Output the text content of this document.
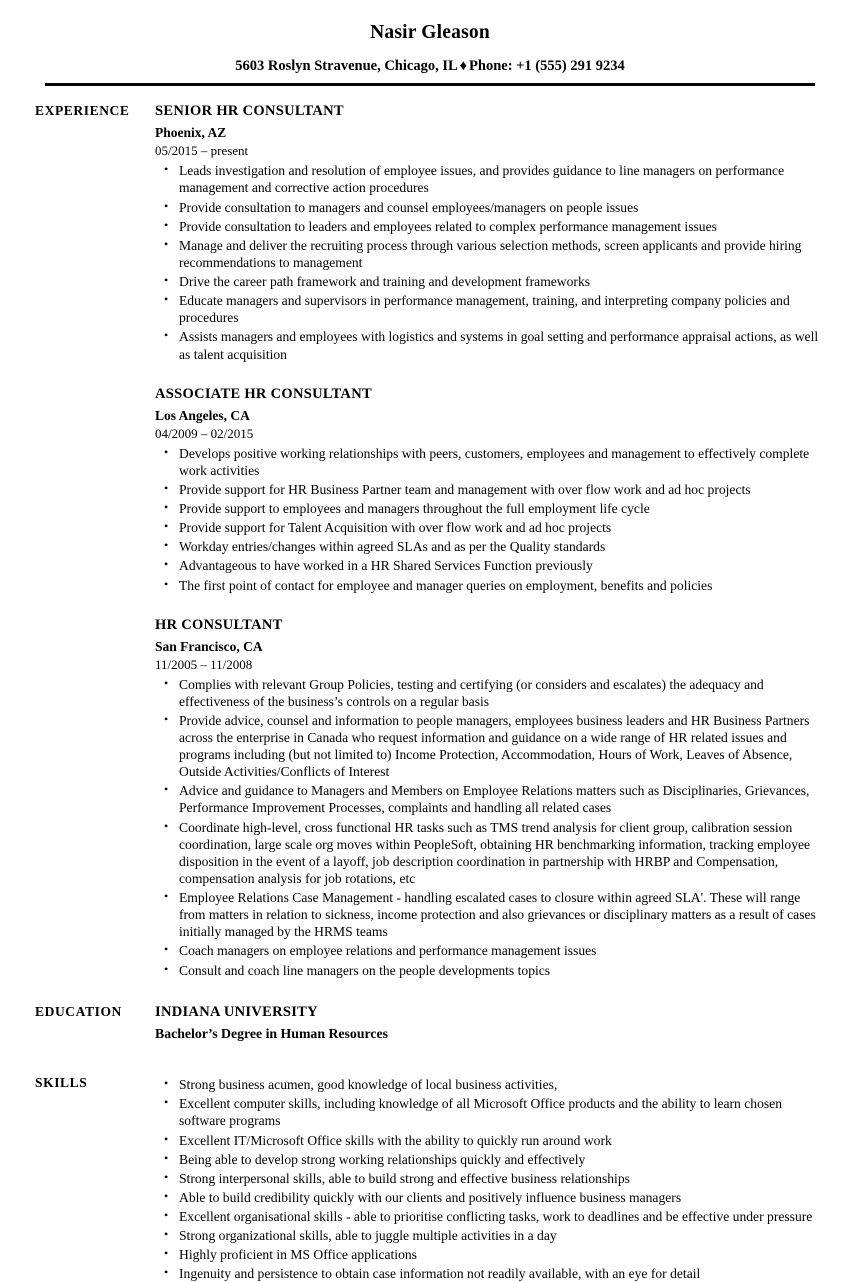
Nasir Gleason
5603 Roslyn Stravenue, Chicago, IL ♦ Phone: +1 (555) 291 9234
EXPERIENCE	SENIOR HR CONSULTANT
Phoenix, AZ
05/2015 – present
• Leads investigation and resolution of employee issues, and provides guidance to line managers on performance management and corrective action procedures
• Provide consultation to managers and counsel employees/managers on people issues
• Provide consultation to leaders and employees related to complex performance management issues
• Manage and deliver the recruiting process through various selection methods, screen applicants and provide hiring recommendations to management
• Drive the career path framework and training and development frameworks
• Educate managers and supervisors in performance management, training, and interpreting company policies and procedures
• Assists managers and employees with logistics and systems in goal setting and performance appraisal actions, as well as talent acquisition
ASSOCIATE HR CONSULTANT
Los Angeles, CA
04/2009 – 02/2015
• Develops positive working relationships with peers, customers, employees and management to effectively complete work activities
• Provide support for HR Business Partner team and management with over flow work and ad hoc projects
• Provide support to employees and managers throughout the full employment life cycle
• Provide support for Talent Acquisition with over flow work and ad hoc projects
• Workday entries/changes within agreed SLAs and as per the Quality standards
• Advantageous to have worked in a HR Shared Services Function previously
• The first point of contact for employee and manager queries on employment, benefits and policies
HR CONSULTANT
San Francisco, CA
11/2005 – 11/2008
• Complies with relevant Group Policies, testing and certifying (or considers and escalates) the adequacy and effectiveness of the business’s controls on a regular basis
• Provide advice, counsel and information to people managers, employees business leaders and HR Business Partners across the enterprise in Canada who request information and guidance on a wide range of HR related issues and programs including (but not limited to) Income Protection, Accommodation, Hours of Work, Leaves of Absence, Outside Activities/Conflicts of Interest
• Advice and guidance to Managers and Members on Employee Relations matters such as Disciplinaries, Grievances, Performance Improvement Processes, complaints and handling all related cases
• Coordinate high-level, cross functional HR tasks such as TMS trend analysis for client group, calibration session coordination, large scale org moves within PeopleSoft, obtaining HR benchmarking information, tracking employee disposition in the event of a layoff, job description coordination in partnership with HRBP and Compensation, compensation analysis for job rotations, etc
• Employee Relations Case Management - handling escalated cases to closure within agreed SLA'. These will range from matters in relation to sickness, income protection and also grievances or disciplinary matters as a result of cases initially managed by the HRMS teams
• Coach managers on employee relations and performance management issues
• Consult and coach line managers on the people developments topics
EDUCATION	INDIANA UNIVERSITY
Bachelor’s Degree in Human Resources
SKILLS	• Strong business acumen, good knowledge of local business activities,
• Excellent computer skills, including knowledge of all Microsoft Office products and the ability to learn chosen software programs
• Excellent IT/Microsoft Office skills with the ability to quickly run around work
• Being able to develop strong working relationships quickly and effectively
• Strong interpersonal skills, able to build strong and effective business relationships
• Able to build credibility quickly with our clients and positively influence business managers
• Excellent organisational skills - able to prioritise conflicting tasks, work to deadlines and be effective under pressure
• Strong organizational skills, able to juggle multiple activities in a day
• Highly proficient in MS Office applications
• Ingenuity and persistence to obtain case information not readily available, with an eye for detail
